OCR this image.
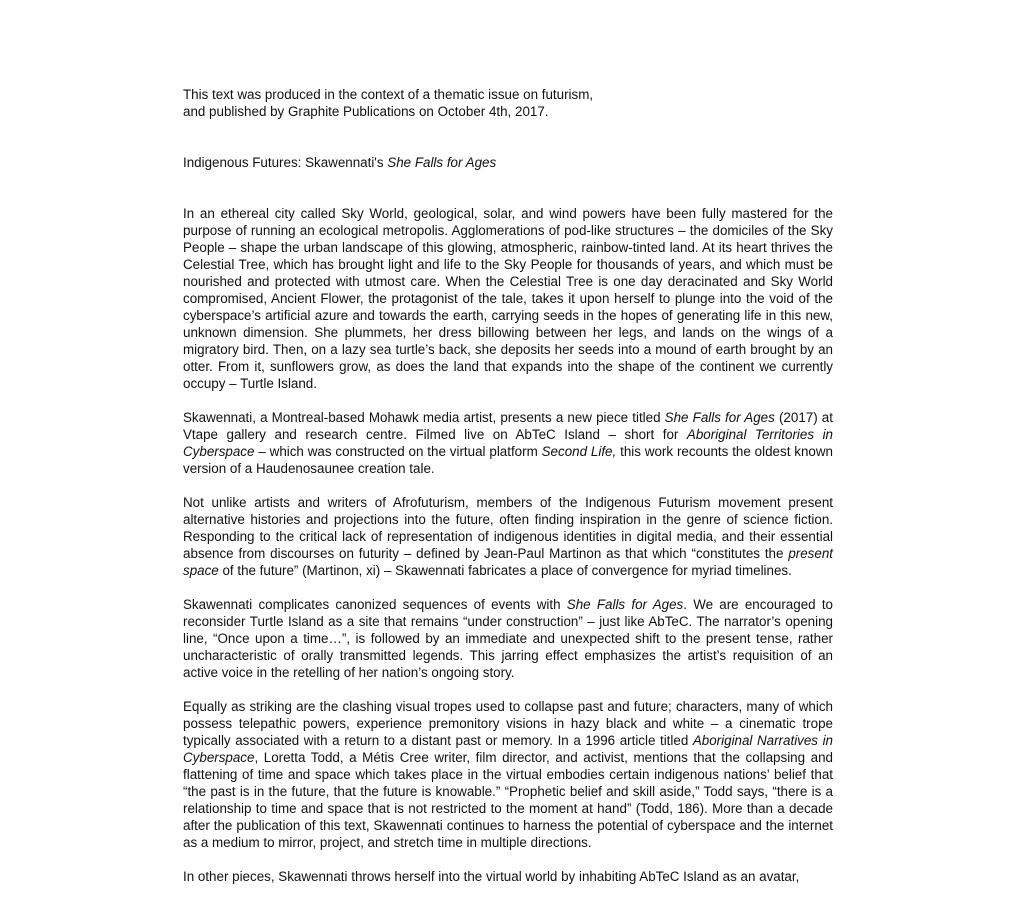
This text was produced in the context of a thematic issue on futurism,
and published by Graphite Publications on October 4th, 2017.

Indigenous Futures: Skawennati's She Falls for Ages

In an ethereal city called Sky World, geological, solar, and wind powers have been fully mastered for the purpose of running an ecological metropolis. Agglomerations of pod-like structures – the domiciles of the Sky People – shape the urban landscape of this glowing, atmospheric, rainbow-tinted land. At its heart thrives the Celestial Tree, which has brought light and life to the Sky People for thousands of years, and which must be nourished and protected with utmost care. When the Celestial Tree is one day deracinated and Sky World compromised, Ancient Flower, the protagonist of the tale, takes it upon herself to plunge into the void of the cyberspace’s artificial azure and towards the earth, carrying seeds in the hopes of generating life in this new, unknown dimension. She plummets, her dress billowing between her legs, and lands on the wings of a migratory bird. Then, on a lazy sea turtle’s back, she deposits her seeds into a mound of earth brought by an otter. From it, sunflowers grow, as does the land that expands into the shape of the continent we currently occupy – Turtle Island.

Skawennati, a Montreal-based Mohawk media artist, presents a new piece titled She Falls for Ages (2017) at Vtape gallery and research centre. Filmed live on AbTeC Island – short for Aboriginal Territories in Cyberspace – which was constructed on the virtual platform Second Life, this work recounts the oldest known version of a Haudenosaunee creation tale.

Not unlike artists and writers of Afrofuturism, members of the Indigenous Futurism movement present alternative histories and projections into the future, often finding inspiration in the genre of science fiction. Responding to the critical lack of representation of indigenous identities in digital media, and their essential absence from discourses on futurity – defined by Jean-Paul Martinon as that which “constitutes the present space of the future” (Martinon, xi) – Skawennati fabricates a place of convergence for myriad timelines.

Skawennati complicates canonized sequences of events with She Falls for Ages. We are encouraged to reconsider Turtle Island as a site that remains “under construction” – just like AbTeC. The narrator’s opening line, “Once upon a time…”, is followed by an immediate and unexpected shift to the present tense, rather uncharacteristic of orally transmitted legends. This jarring effect emphasizes the artist’s requisition of an active voice in the retelling of her nation’s ongoing story.

Equally as striking are the clashing visual tropes used to collapse past and future; characters, many of which possess telepathic powers, experience premonitory visions in hazy black and white – a cinematic trope typically associated with a return to a distant past or memory. In a 1996 article titled Aboriginal Narratives in Cyberspace, Loretta Todd, a Métis Cree writer, film director, and activist, mentions that the collapsing and flattening of time and space which takes place in the virtual embodies certain indigenous nations’ belief that “the past is in the future, that the future is knowable.” “Prophetic belief and skill aside,” Todd says, “there is a relationship to time and space that is not restricted to the moment at hand” (Todd, 186). More than a decade after the publication of this text, Skawennati continues to harness the potential of cyberspace and the internet as a medium to mirror, project, and stretch time in multiple directions.

In other pieces, Skawennati throws herself into the virtual world by inhabiting AbTeC Island as an avatar,
